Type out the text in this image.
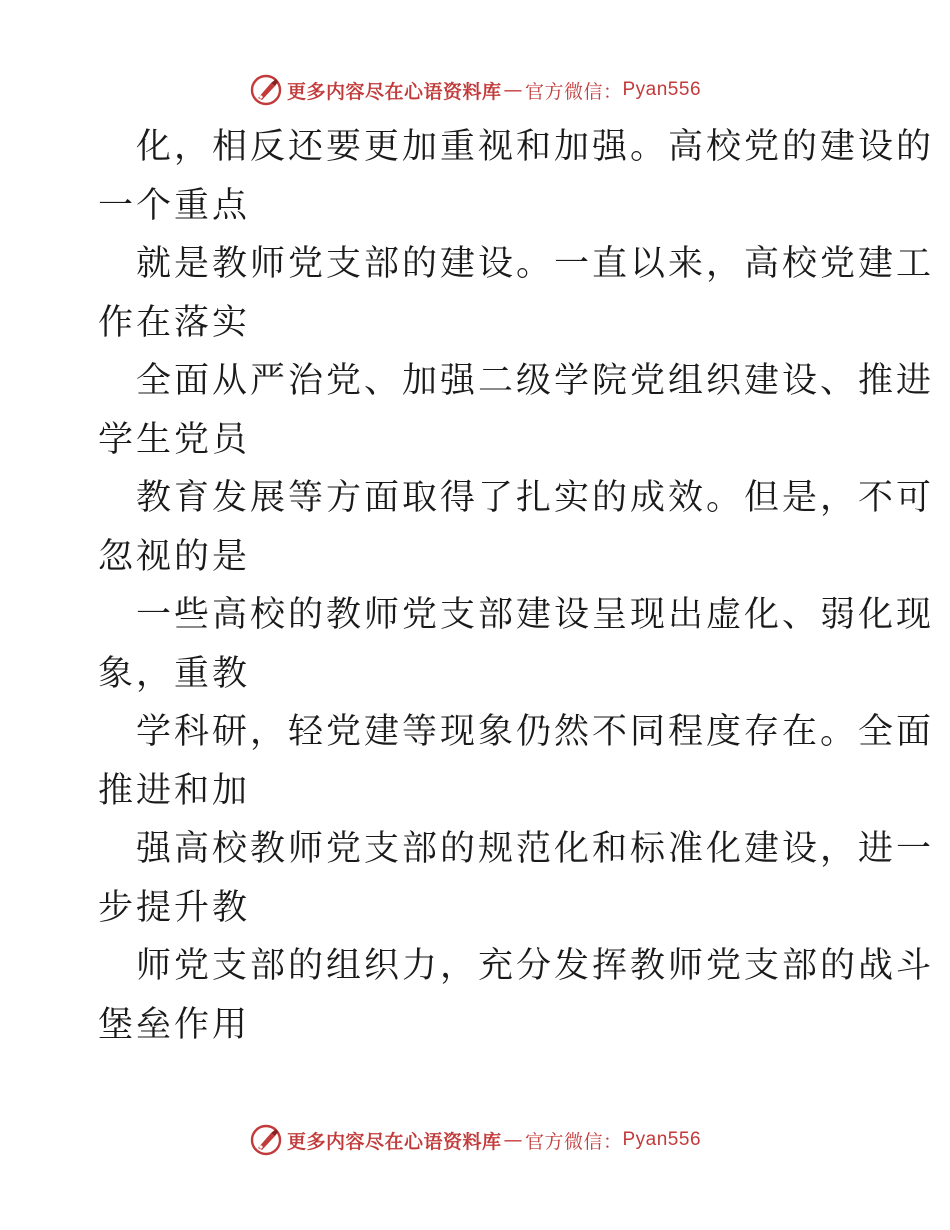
更多内容尽在心语资料库 — 官方微信： Pyan556
化，相反还要更加重视和加强。高校党的建设的
一个重点
就是教师党支部的建设。一直以来，高校党建工
作在落实
全面从严治党、加强二级学院党组织建设、推进
学生党员
教育发展等方面取得了扎实的成效。但是，不可
忽视的是
一些高校的教师党支部建设呈现出虚化、弱化现
象，重教
学科研，轻党建等现象仍然不同程度存在。全面
推进和加
强高校教师党支部的规范化和标准化建设，进一
步提升教
师党支部的组织力，充分发挥教师党支部的战斗
堡垒作用
更多内容尽在心语资料库 — 官方微信： Pyan556
